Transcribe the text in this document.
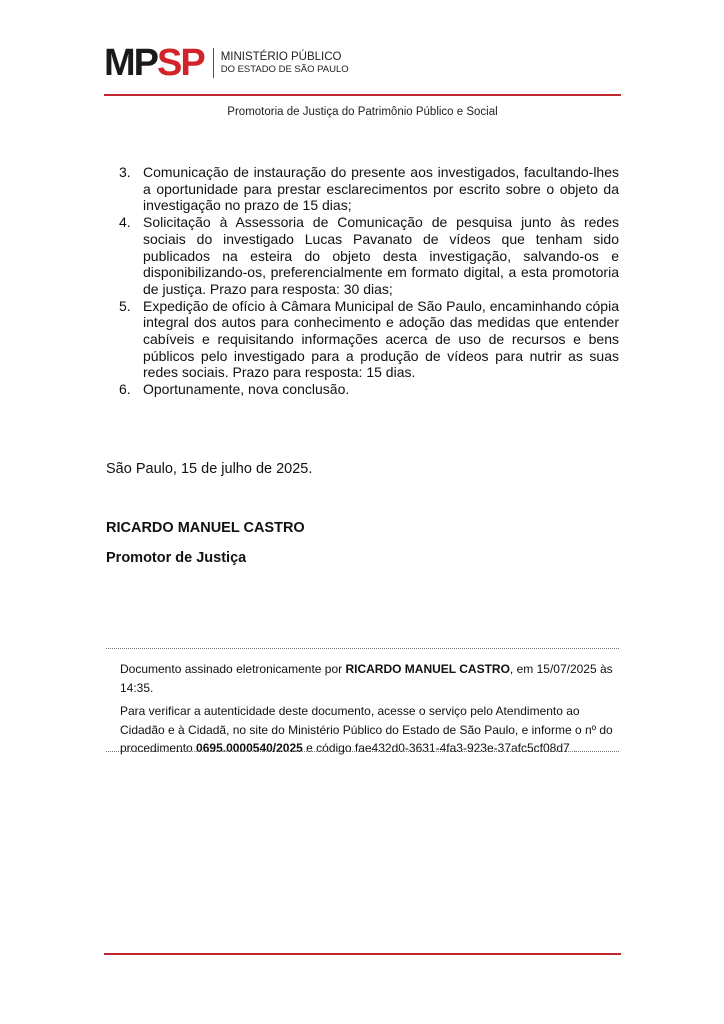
MPSP MINISTÉRIO PÚBLICO
DO ESTADO DE SÃO PAULO
Promotoria de Justiça do Patrimônio Público e Social
3. Comunicação de instauração do presente aos investigados, facultando-lhes a oportunidade para prestar esclarecimentos por escrito sobre o objeto da investigação no prazo de 15 dias;
4. Solicitação à Assessoria de Comunicação de pesquisa junto às redes sociais do investigado Lucas Pavanato de vídeos que tenham sido publicados na esteira do objeto desta investigação, salvando-os e disponibilizando-os, preferencialmente em formato digital, a esta promotoria de justiça. Prazo para resposta: 30 dias;
5. Expedição de ofício à Câmara Municipal de São Paulo, encaminhando cópia integral dos autos para conhecimento e adoção das medidas que entender cabíveis e requisitando informações acerca de uso de recursos e bens públicos pelo investigado para a produção de vídeos para nutrir as suas redes sociais. Prazo para resposta: 15 dias.
6. Oportunamente, nova conclusão.
São Paulo, 15 de julho de 2025.
RICARDO MANUEL CASTRO
Promotor de Justiça

Documento assinado eletronicamente por RICARDO MANUEL CASTRO, em 15/07/2025 às 14:35.

Para verificar a autenticidade deste documento, acesse o serviço pelo Atendimento ao Cidadão e à Cidadã, no site do Ministério Público do Estado de São Paulo, e informe o nº do procedimento 0695.0000540/2025 e código fae432d0-3631-4fa3-923e-37afc5cf08d7 .
